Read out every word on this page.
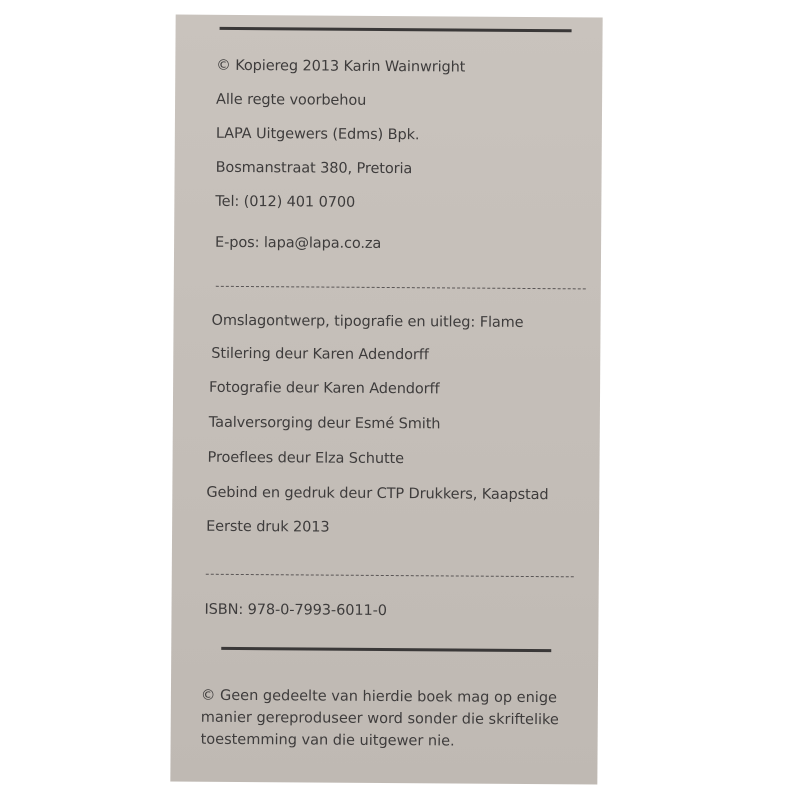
© Kopiereg 2013 Karin Wainwright
Alle regte voorbehou
LAPA Uitgewers (Edms) Bpk.
Bosmanstraat 380, Pretoria
Tel: (012) 401 0700
E-pos: lapa@lapa.co.za
Omslagontwerp, tipografie en uitleg: Flame
Stilering deur Karen Adendorff
Fotografie deur Karen Adendorff
Taalversorging deur Esmé Smith
Proeflees deur Elza Schutte
Gebind en gedruk deur CTP Drukkers, Kaapstad
Eerste druk 2013
ISBN: 978-0-7993-6011-0
© Geen gedeelte van hierdie boek mag op enige manier gereproduseer word sonder die skriftelike toestemming van die uitgewer nie.
